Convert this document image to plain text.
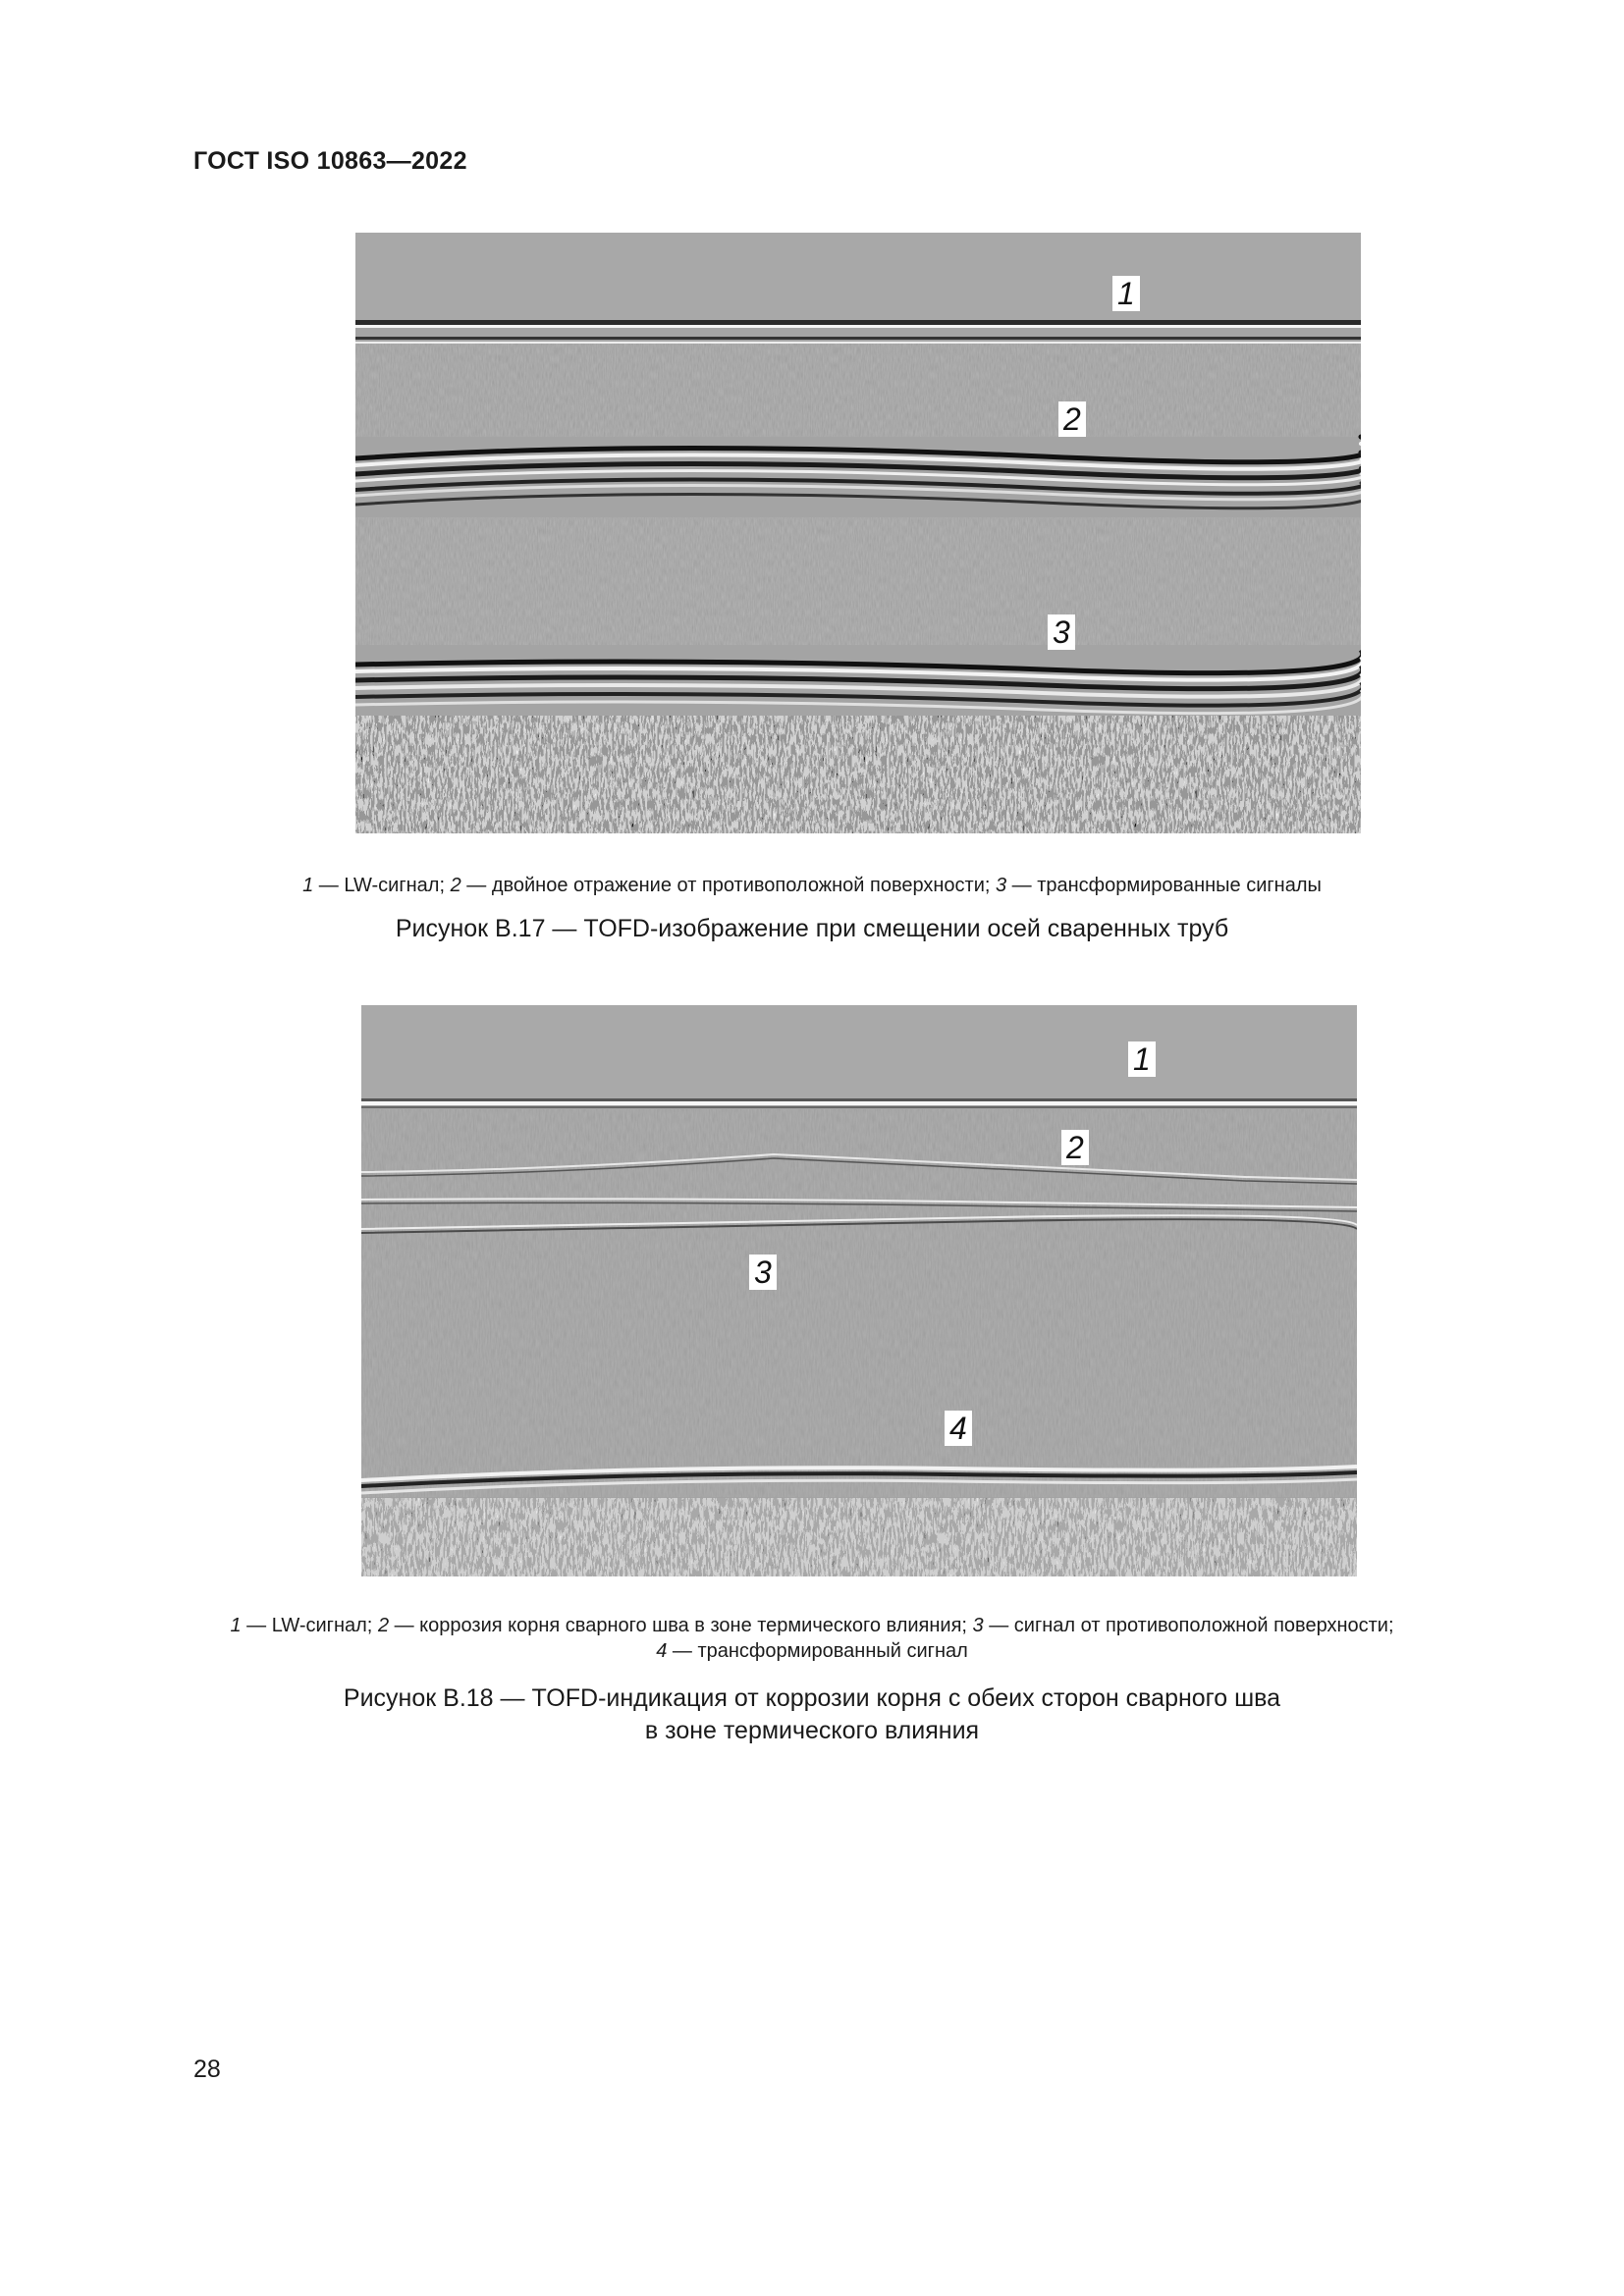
ГОСТ ISO 10863—2022
1
2
3
1 — LW-сигнал; 2 — двойное отражение от противоположной поверхности; 3 — трансформированные сигналы
Рисунок В.17 — TOFD-изображение при смещении осей сваренных труб
1
2
3
4
1 — LW-сигнал; 2 — коррозия корня сварного шва в зоне термического влияния; 3 — сигнал от противоположной поверхности;
4 — трансформированный сигнал
Рисунок В.18 — TOFD-индикация от коррозии корня с обеих сторон сварного шва
в зоне термического влияния
28
